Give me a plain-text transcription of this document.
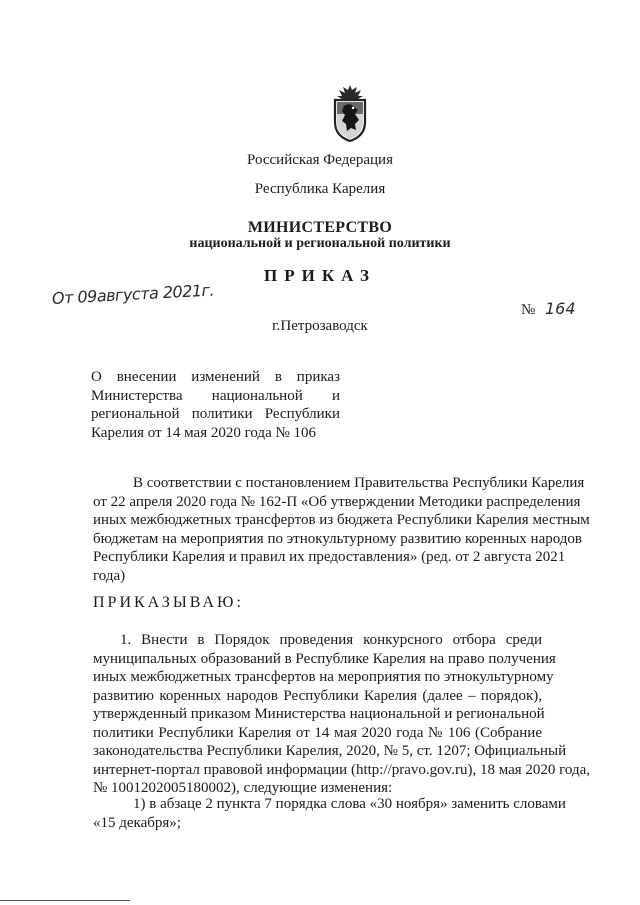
Российская Федерация
Республика Карелия
МИНИСТЕРСТВО
национальной и региональной политики
ПРИКАЗ
От 09августа 2021г.
№ 164
г.Петрозаводск
О внесении изменений в приказ
Министерства национальной и
региональной политики Республики
Карелия от 14 мая 2020 года № 106
В соответствии с постановлением Правительства Республики Карелия
от 22 апреля 2020 года № 162-П «Об утверждении Методики распределения
иных межбюджетных трансфертов из бюджета Республики Карелия местным
бюджетам на мероприятия по этнокультурному развитию коренных народов
Республики Карелия и правил их предоставления» (ред. от 2 августа 2021
года)
ПРИКАЗЫВАЮ:
1. Внести в Порядок проведения конкурсного отбора среди
муниципальных образований в Республике Карелия на право получения
иных межбюджетных трансфертов на мероприятия по этнокультурному
развитию коренных народов Республики Карелия (далее – порядок),
утвержденный приказом Министерства национальной и региональной
политики Республики Карелия от 14 мая 2020 года № 106 (Собрание
законодательства Республики Карелия, 2020, № 5, ст. 1207; Официальный
интернет-портал правовой информации (http://pravo.gov.ru), 18 мая 2020 года,
№ 1001202005180002), следующие изменения:
1) в абзаце 2 пункта 7 порядка слова «30 ноября» заменить словами
«15 декабря»;
